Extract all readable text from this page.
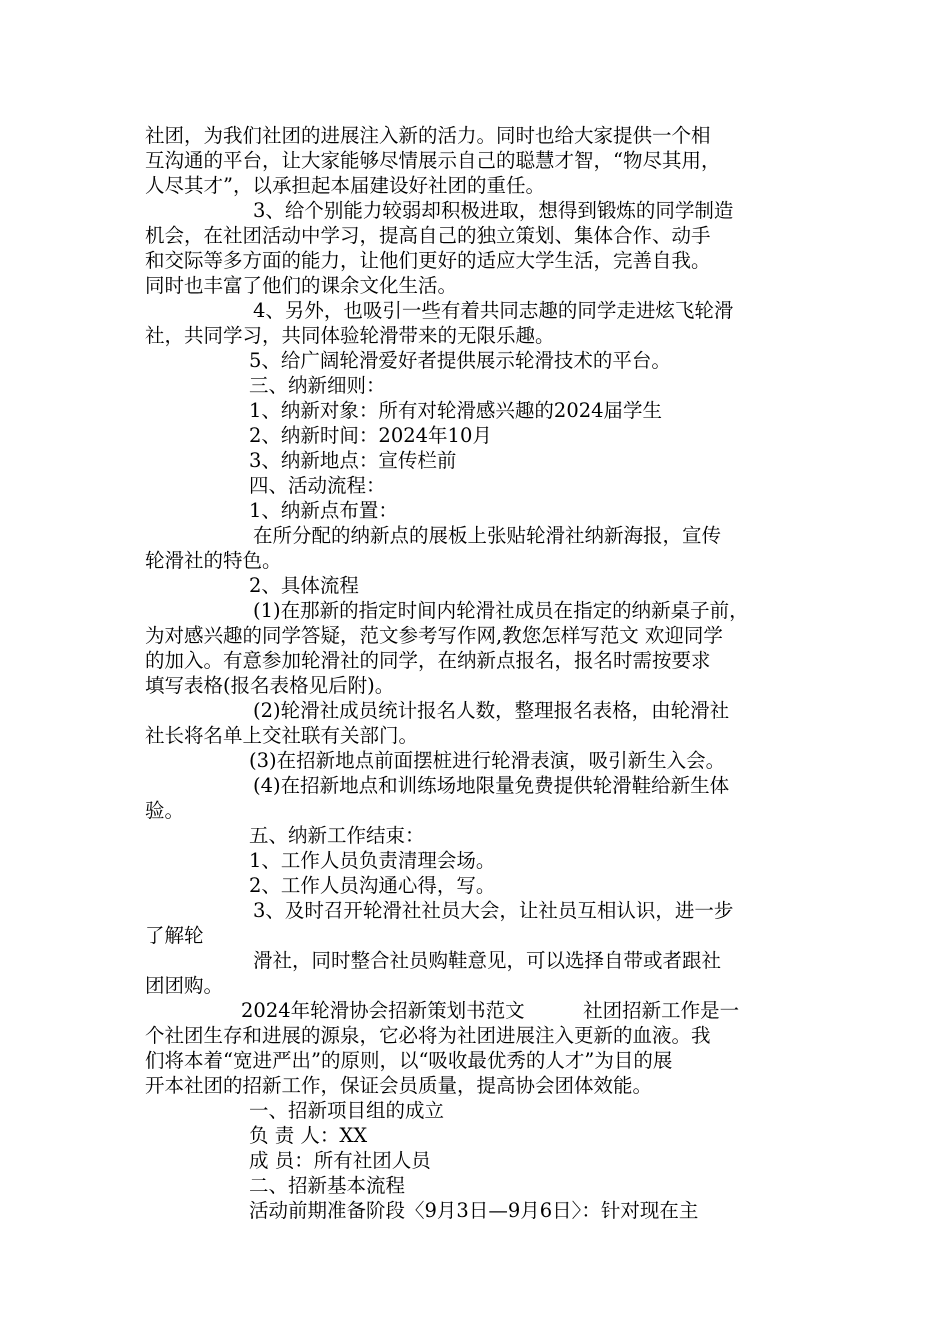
社团，为我们社团的进展注入新的活力。同时也给大家提供一个相
互沟通的平台，让大家能够尽情展示自己的聪慧才智，“物尽其用，
人尽其才”，以承担起本届建设好社团的重任。
3、给个别能力较弱却积极进取，想得到锻炼的同学制造
机会，在社团活动中学习，提高自己的独立策划、集体合作、动手
和交际等多方面的能力，让他们更好的适应大学生活，完善自我。
同时也丰富了他们的课余文化生活。
4、另外，也吸引一些有着共同志趣的同学走进炫飞轮滑
社，共同学习，共同体验轮滑带来的无限乐趣。
5、给广阔轮滑爱好者提供展示轮滑技术的平台。
三、纳新细则：
1、纳新对象：所有对轮滑感兴趣的2024届学生
2、纳新时间：2024年10月
3、纳新地点：宣传栏前
四、活动流程：
1、纳新点布置：
在所分配的纳新点的展板上张贴轮滑社纳新海报，宣传
轮滑社的特色。
2、具体流程
(1)在那新的指定时间内轮滑社成员在指定的纳新桌子前，
为对感兴趣的同学答疑，范文参考写作网,教您怎样写范文 欢迎同学
的加入。有意参加轮滑社的同学，在纳新点报名，报名时需按要求
填写表格(报名表格见后附)。
(2)轮滑社成员统计报名人数，整理报名表格，由轮滑社
社长将名单上交社联有关部门。
(3)在招新地点前面摆桩进行轮滑表演，吸引新生入会。
(4)在招新地点和训练场地限量免费提供轮滑鞋给新生体
验。
五、纳新工作结束：
1、工作人员负责清理会场。
2、工作人员沟通心得，写。
3、及时召开轮滑社社员大会，让社员互相认识，进一步
了解轮
滑社，同时整合社员购鞋意见，可以选择自带或者跟社
团团购。
2024年轮滑协会招新策划书范文　　　社团招新工作是一
个社团生存和进展的源泉，它必将为社团进展注入更新的血液。我
们将本着“宽进严出”的原则，以“吸收最优秀的人才”为目的展
开本社团的招新工作，保证会员质量，提高协会团体效能。
一、招新项目组的成立
负 责 人：XX
成 员：所有社团人员
二、招新基本流程
活动前期准备阶段〈9月3日—9月6日〉：针对现在主
